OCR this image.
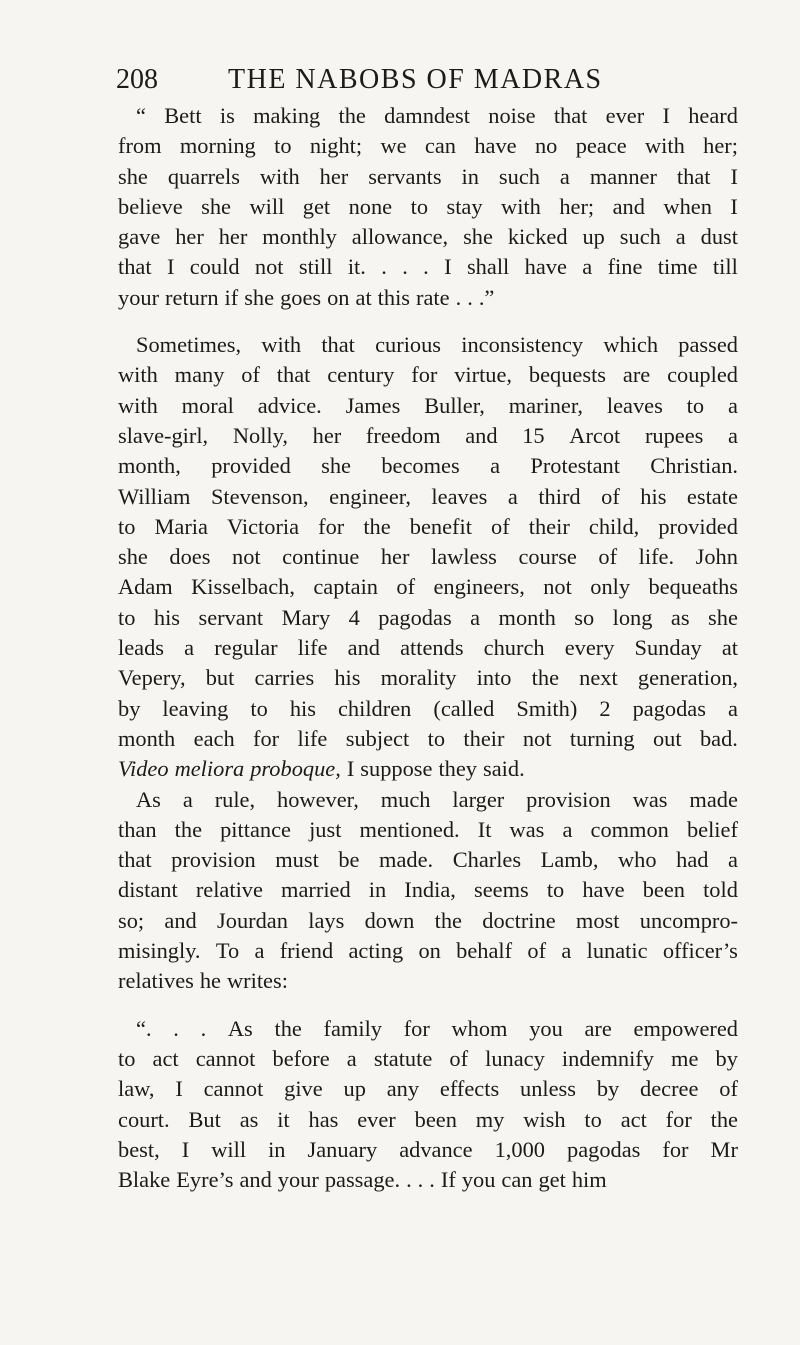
208	THE NABOBS OF MADRAS
“ Bett is making the damndest noise that ever I heard
from morning to night; we can have no peace with her;
she quarrels with her servants in such a manner that I
believe she will get none to stay with her; and when I
gave her her monthly allowance, she kicked up such a dust
that I could not still it. . . . I shall have a fine time till
your return if she goes on at this rate . . .”
Sometimes, with that curious inconsistency which passed
with many of that century for virtue, bequests are coupled
with moral advice. James Buller, mariner, leaves to a
slave-girl, Nolly, her freedom and 15 Arcot rupees a
month, provided she becomes a Protestant Christian.
William Stevenson, engineer, leaves a third of his estate
to Maria Victoria for the benefit of their child, provided
she does not continue her lawless course of life. John
Adam Kisselbach, captain of engineers, not only bequeaths
to his servant Mary 4 pagodas a month so long as she
leads a regular life and attends church every Sunday at
Vepery, but carries his morality into the next generation,
by leaving to his children (called Smith) 2 pagodas a
month each for life subject to their not turning out bad.
Video meliora proboque, I suppose they said.
As a rule, however, much larger provision was made
than the pittance just mentioned. It was a common belief
that provision must be made. Charles Lamb, who had a
distant relative married in India, seems to have been told
so; and Jourdan lays down the doctrine most uncompro-
misingly. To a friend acting on behalf of a lunatic officer’s
relatives he writes:
“. . . As the family for whom you are empowered
to act cannot before a statute of lunacy indemnify me by
law, I cannot give up any effects unless by decree of
court. But as it has ever been my wish to act for the
best, I will in January advance 1,000 pagodas for Mr
Blake Eyre’s and your passage. . . . If you can get him
